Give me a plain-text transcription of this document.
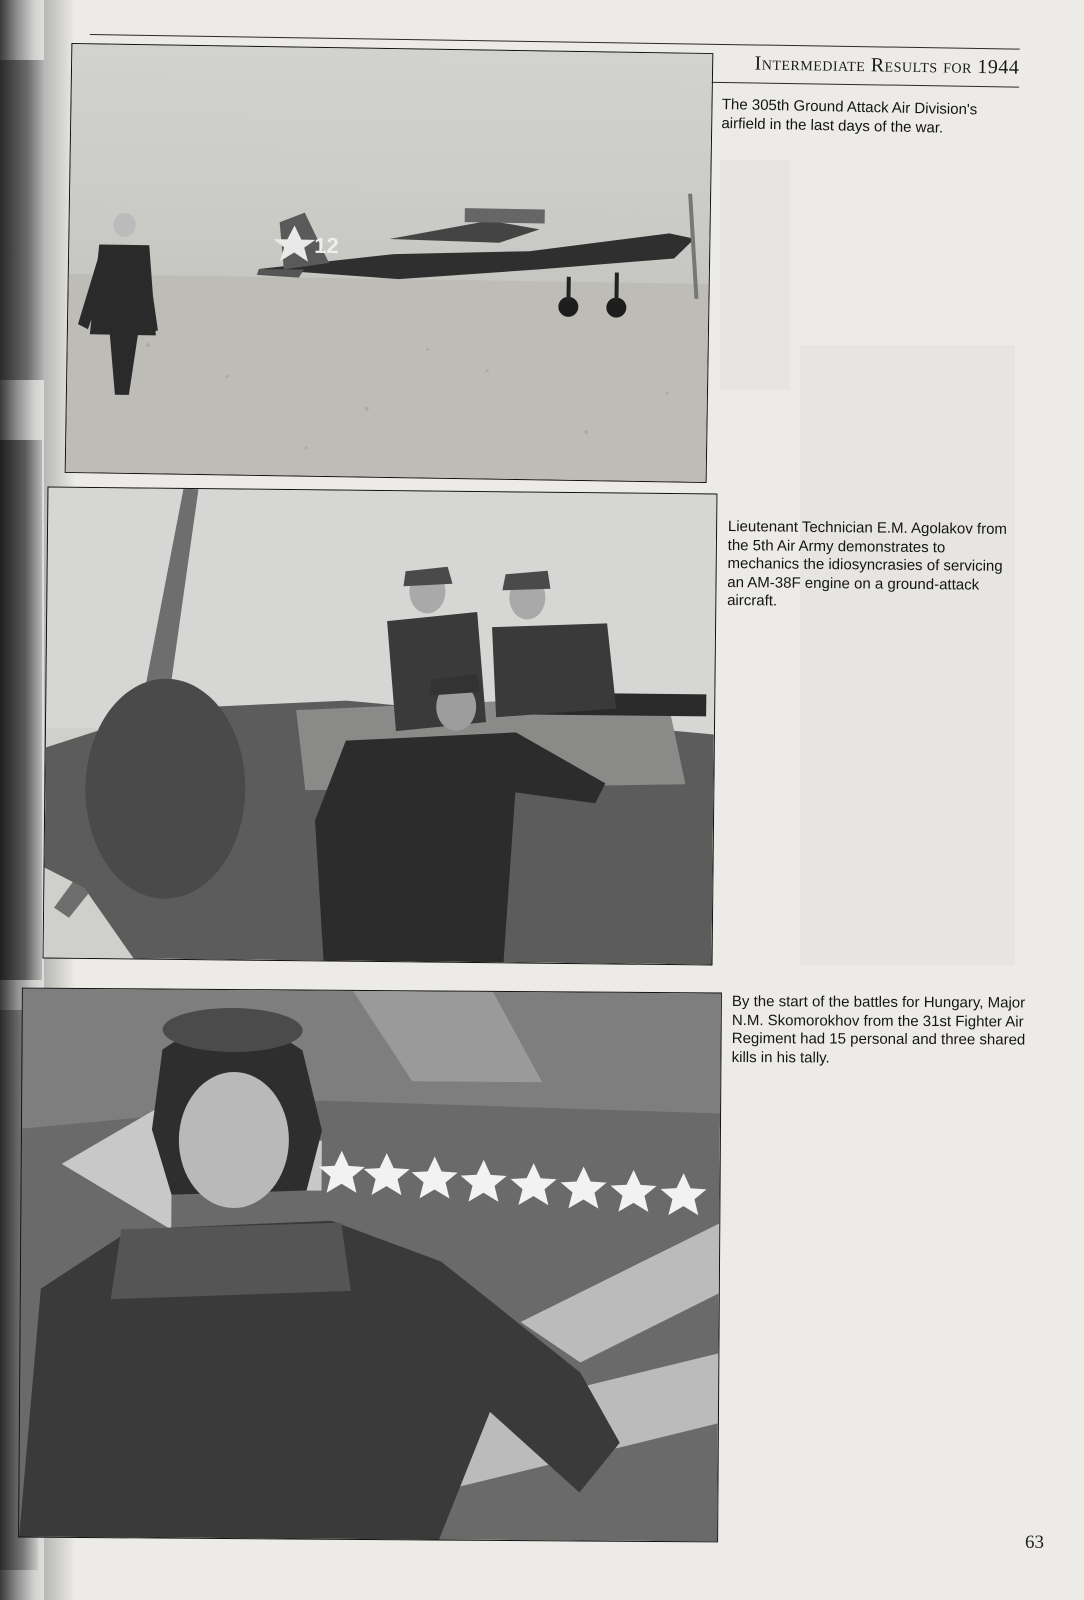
Intermediate Results for 1944
12
The 305th Ground Attack Air Division's airfield in the last days of the war.
Lieutenant Technician E.M. Agolakov from the 5th Air Army demonstrates to mechanics the idiosyncrasies of servicing an AM-38F engine on a ground-attack aircraft.
By the start of the battles for Hungary, Major N.M. Skomorokhov from the 31st Fighter Air Regiment had 15 personal and three shared kills in his tally.
63
